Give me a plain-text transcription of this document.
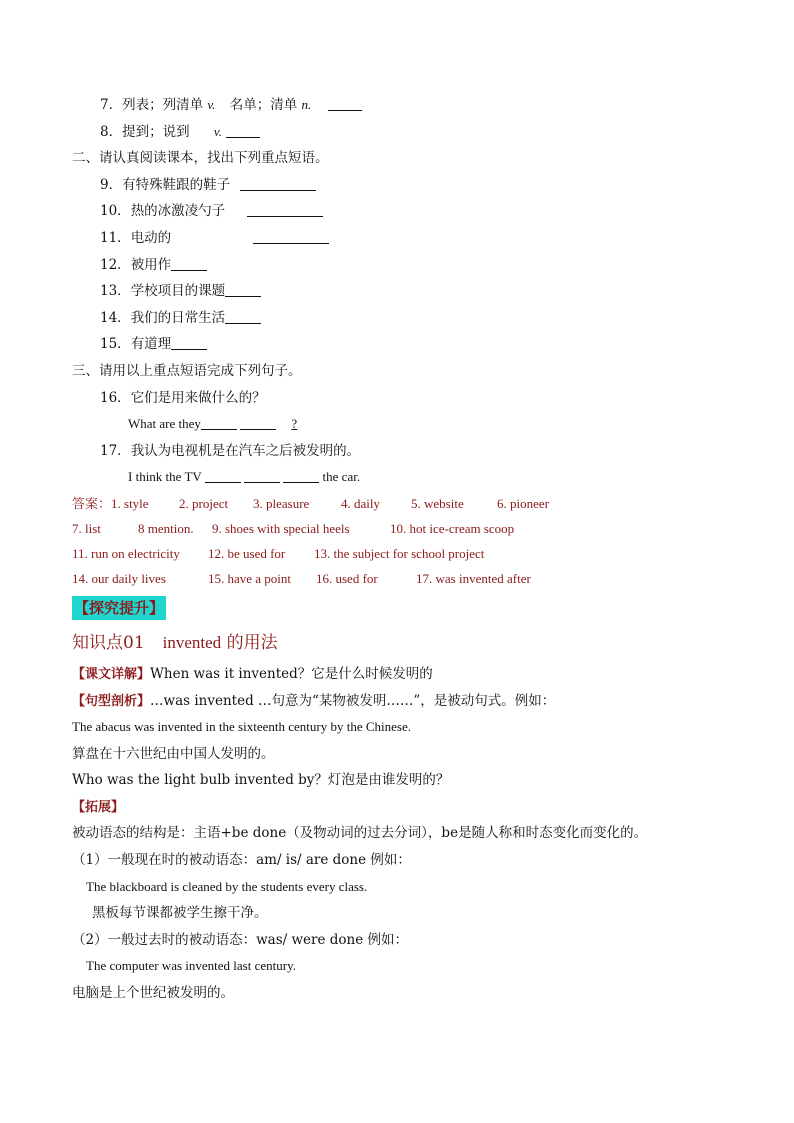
7．列表；列清单 v. 名单；清单 n.
8．提到；说到 v.
二、请认真阅读课本，找出下列重点短语。
9．有特殊鞋跟的鞋子
10．热的冰激凌勺子
11．电动的
12．被用作
13．学校项目的课题
14．我们的日常生活
15．有道理
三、请用以上重点短语完成下列句子。
16．它们是用来做什么的？
What are they	?
17．我认为电视机是在汽车之后被发明的。
I think the TV	the car.
答案：1. style 2. project 3. pleasure 4. daily 5. website	6. pioneer
7. list	8 mention. 9. shoes with special heels	10. hot ice-cream scoop
11. run on electricity 12. be used for 13. the subject for school project
14. our daily lives	15. have a point 16. used for	17. was invented after
【探究提升】
知识点01 invented 的用法
【课文详解】When was it invented？它是什么时候发明的
【句型剖析】…was invented …句意为“某物被发明……”，是被动句式。例如：
The abacus was invented in the sixteenth century by the Chinese.
算盘在十六世纪由中国人发明的。
Who was the light bulb invented by？灯泡是由谁发明的？
【拓展】
被动语态的结构是：主语+be done（及物动词的过去分词），be是随人称和时态变化而变化的。
（1）一般现在时的被动语态：am/ is/ are done 例如：
The blackboard is cleaned by the students every class.
黑板每节课都被学生擦干净。
（2）一般过去时的被动语态：was/ were done 例如：
The computer was invented last century.
电脑是上个世纪被发明的。
